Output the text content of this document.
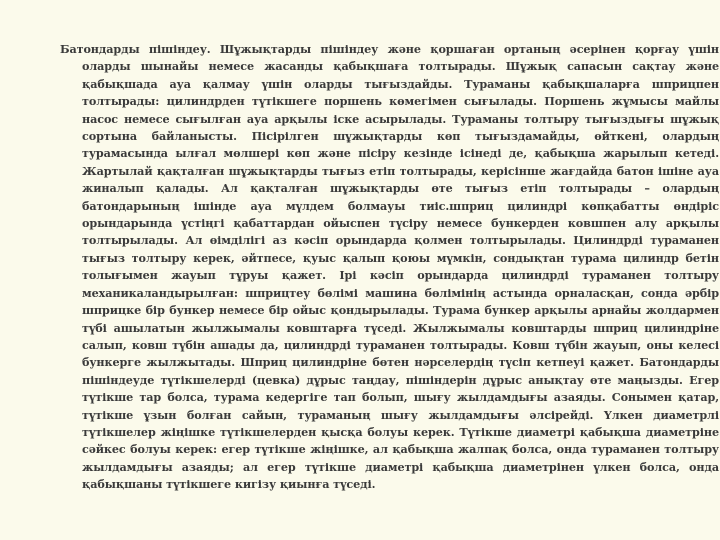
Батондарды пішіндеу. Шұжықтарды пішіндеу және қоршаған ортаның әсерінен қорғау үшін оларды шынайы немесе жасанды қабықшаға толтырады. Шұжық сапасын сақтау және қабықшада ауа қалмау үшін оларды тығыздайды. Тураманы қабықшаларға шприцпен толтырады: цилиндрден түтікшеге поршень көмегімен сығылады. Поршень жұмысы майлы насос немесе сығылған ауа арқылы іске асырылады. Тураманы толтыру тығыздығы шұжық сортына байланысты. Пісірілген шұжықтарды көп тығыздамайды, өйткені, олардың турамасында ылғал мөлшері көп және пісіру кезінде ісінеді де, қабықша жарылып кетеді. Жартылай қақталған шұжықтарды тығыз етіп толтырады, керісінше жағдайда батон ішіне ауа жиналып қалады. Ал қақталған шұжықтарды өте тығыз етіп толтырады – олардың батондарының ішінде ауа мүлдем болмауы тиіс.шприц цилиндрі көпқабатты өндіріс орындарында үстіңгі қабаттардан ойыспен түсіру немесе бункерден ковшпен алу арқылы толтырылады. Ал өімділігі аз кәсіп орындарда қолмен толтырылады. Цилиндрді тураманен тығыз толтыру керек, әйтпесе, қуыс қалып қоюы мүмкін, сондықтан турама цилиндр бетін толығымен жауып тұруы қажет. Ірі кәсіп орындарда цилиндрді тураманен толтыру механикаландырылған: шприцтеу бөлімі машина бөлімінің астында орналасқан, сонда әрбір шприцке бір бункер немесе бір ойыс қондырылады. Турама бункер арқылы арнайы жолдармен түбі ашылатын жылжымалы ковштарға түседі. Жылжымалы ковштарды шприц цилиндріне салып, ковш түбін ашады да, цилиндрді тураманен толтырады. Ковш түбін жауып, оны келесі бункерге жылжытады. Шприц цилиндріне бөтен нәрселердің түсіп кетпеуі қажет. Батондарды пішіндеуде түтікшелерді (цевка) дұрыс таңдау, пішіндерін дұрыс анықтау өте маңызды. Егер түтікше тар болса, турама кедергіге тап болып, шығу жылдамдығы азаяды. Сонымен қатар, түтікше ұзын болған сайын, тураманың шығу жылдамдығы әлсірейді. Үлкен диаметрлі түтікшелер жіңішке түтікшелерден қысқа болуы керек. Түтікше диаметрі қабықша диаметріне сәйкес болуы керек: егер түтікше жіңішке, ал қабықша жалпақ болса, онда тураманен толтыру жылдамдығы азаяды; ал егер түтікше диаметрі қабықша диаметрінен үлкен болса, онда қабықшаны түтікшеге кигізу қиынға түседі.
